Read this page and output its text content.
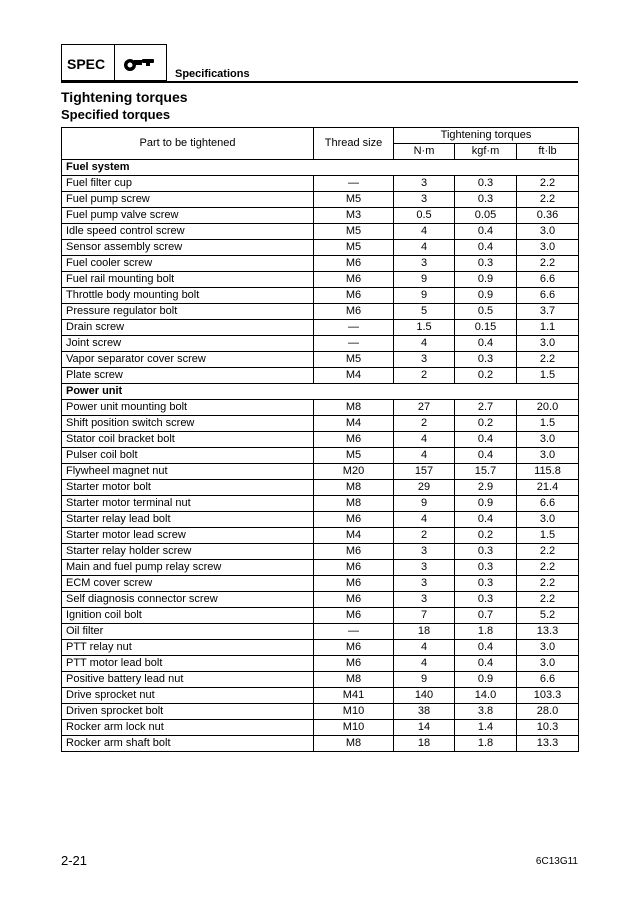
SPEC
Specifications
Tightening torques
Specified torques
Part to be tightened	Thread size	Tightening torques		
		N·m	kgf·m	ft·lb
Fuel system				
Fuel filter cup	—	3	0.3	2.2
Fuel pump screw	M5	3	0.3	2.2
Fuel pump valve screw	M3	0.5	0.05	0.36
Idle speed control screw	M5	4	0.4	3.0
Sensor assembly screw	M5	4	0.4	3.0
Fuel cooler screw	M6	3	0.3	2.2
Fuel rail mounting bolt	M6	9	0.9	6.6
Throttle body mounting bolt	M6	9	0.9	6.6
Pressure regulator bolt	M6	5	0.5	3.7
Drain screw	—	1.5	0.15	1.1
Joint screw	—	4	0.4	3.0
Vapor separator cover screw	M5	3	0.3	2.2
Plate screw	M4	2	0.2	1.5
Power unit				
Power unit mounting bolt	M8	27	2.7	20.0
Shift position switch screw	M4	2	0.2	1.5
Stator coil bracket bolt	M6	4	0.4	3.0
Pulser coil bolt	M5	4	0.4	3.0
Flywheel magnet nut	M20	157	15.7	115.8
Starter motor bolt	M8	29	2.9	21.4
Starter motor terminal nut	M8	9	0.9	6.6
Starter relay lead bolt	M6	4	0.4	3.0
Starter motor lead screw	M4	2	0.2	1.5
Starter relay holder screw	M6	3	0.3	2.2
Main and fuel pump relay screw	M6	3	0.3	2.2
ECM cover screw	M6	3	0.3	2.2
Self diagnosis connector screw	M6	3	0.3	2.2
Ignition coil bolt	M6	7	0.7	5.2
Oil filter	—	18	1.8	13.3
PTT relay nut	M6	4	0.4	3.0
PTT motor lead bolt	M6	4	0.4	3.0
Positive battery lead nut	M8	9	0.9	6.6
Drive sprocket nut	M41	140	14.0	103.3
Driven sprocket bolt	M10	38	3.8	28.0
Rocker arm lock nut	M10	14	1.4	10.3
Rocker arm shaft bolt	M8	18	1.8	13.3
2-21	6C13G11
